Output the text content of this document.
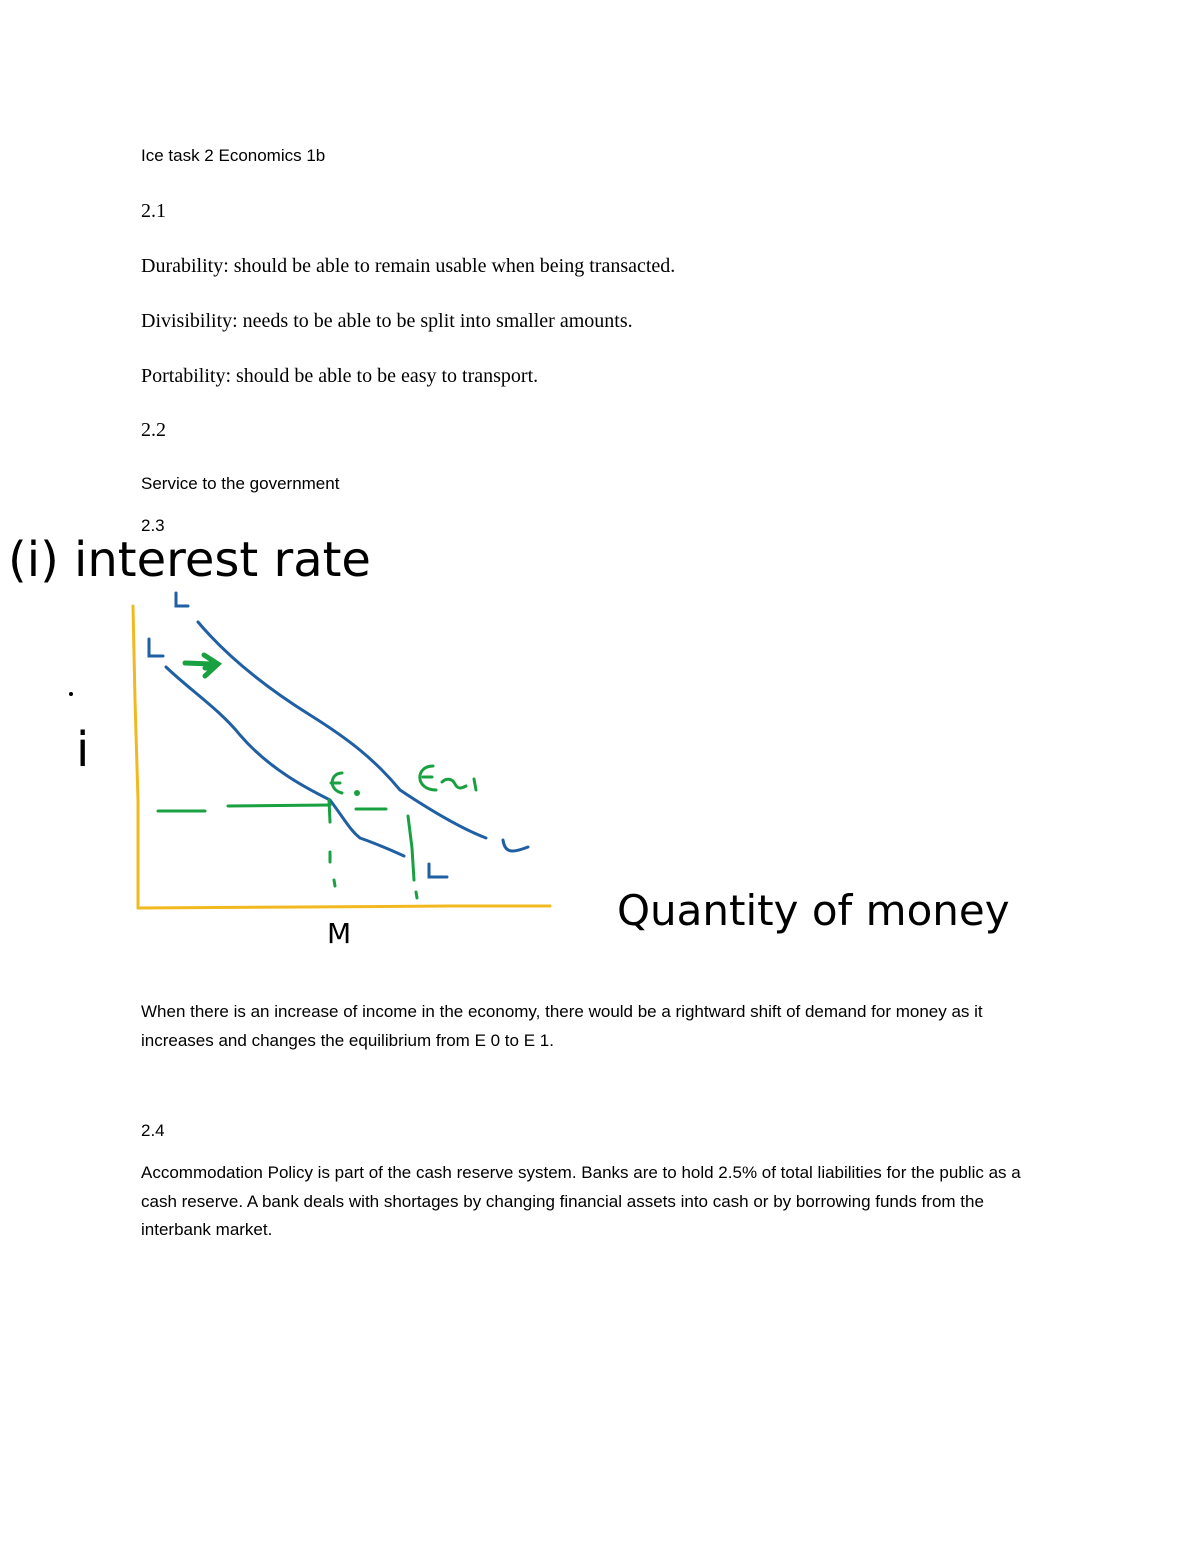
Ice task 2 Economics 1b
2.1
Durability: should be able to remain usable when being transacted.
Divisibility: needs to be able to be split into smaller amounts.
Portability: should be able to be easy to transport.
2.2
Service to the government
2.3
(i) interest rate
i
Quantity of money
M
When there is an increase of income in the economy, there would be a rightward shift of demand for money as it increases and changes the equilibrium from E 0 to E 1.
2.4
Accommodation Policy is part of the cash reserve system. Banks are to hold 2.5% of total liabilities for the public as a cash reserve. A bank deals with shortages by changing financial assets into cash or by borrowing funds from the interbank market.
